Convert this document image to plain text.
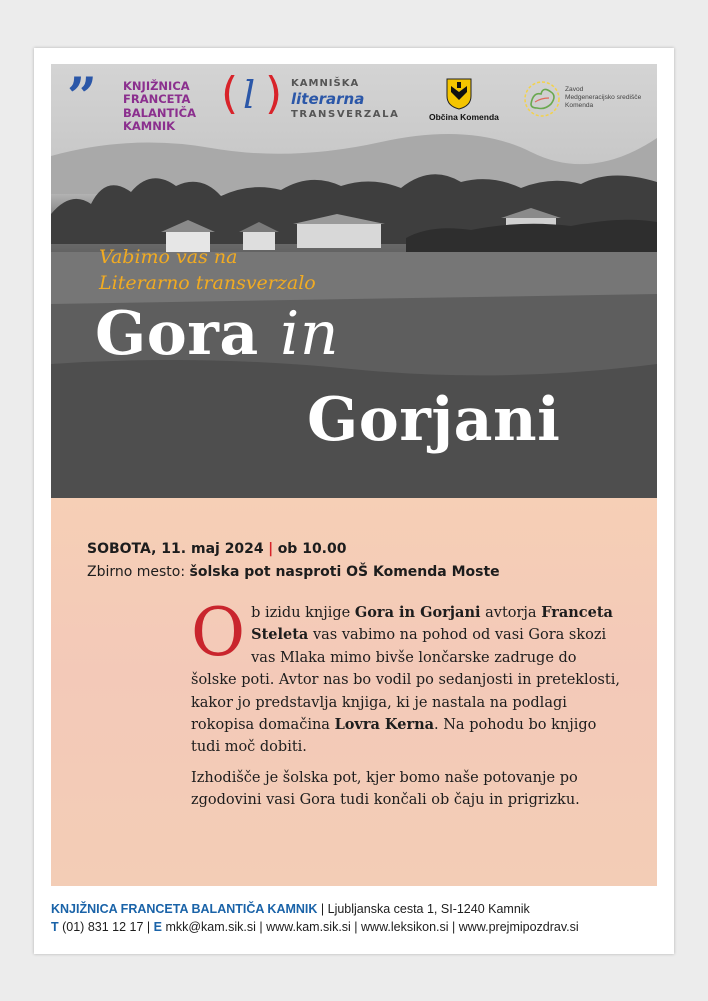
” KNJIŽNICA
FRANCETA
BALANTIČA
KAMNIK
( l ) KAMNIŠKA
literarna
TRANSVERZALA	Občina Komenda
Zavod
Medgeneracijsko središče
Komenda
Vabimo vas na
Literarno transverzalo
Gora in
Gorjani
SOBOTA, 11. maj 2024 | ob 10.00
Zbirno mesto: šolska pot nasproti OŠ Komenda Moste

Ob izidu knjige Gora in Gorjani avtorja Franceta Steleta vas vabimo na pohod od vasi Gora skozi vas Mlaka mimo bivše lončarske zadruge do šolske poti. Avtor nas bo vodil po sedanjosti in preteklosti, kakor jo predstavlja knjiga, ki je nastala na podlagi rokopisa domačina Lovra Kerna. Na pohodu bo knjigo tudi moč dobiti.

Izhodišče je šolska pot, kjer bomo naše potovanje po zgodovini vasi Gora tudi končali ob čaju in prigrizku.

KNJIŽNICA FRANCETA BALANTIČA KAMNIK | Ljubljanska cesta 1, SI-1240 Kamnik
T (01) 831 12 17 | E mkk@kam.sik.si | www.kam.sik.si | www.leksikon.si | www.prejmipozdrav.si
